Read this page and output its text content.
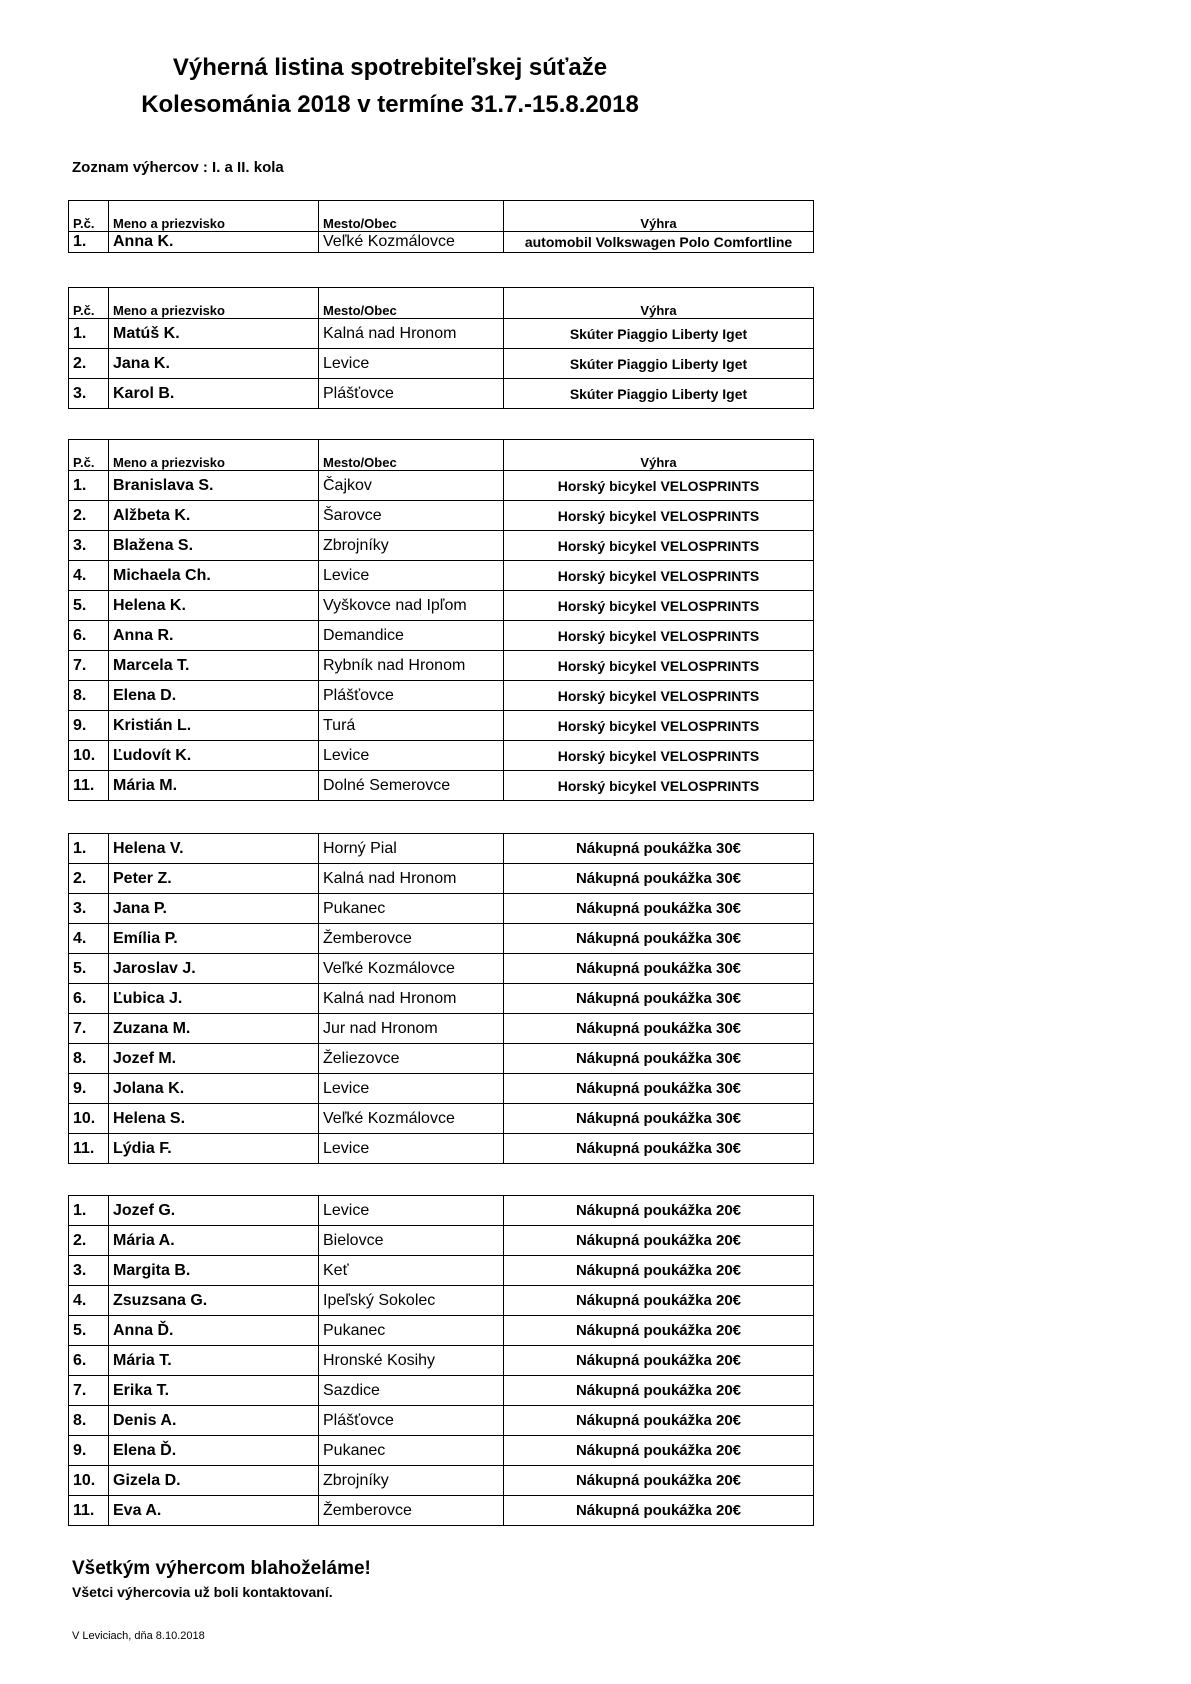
Výherná listina spotrebiteľskej súťaže
Kolesománia 2018 v termíne 31.7.-15.8.2018
Zoznam výhercov : I. a II. kola
P.č.	Meno a priezvisko	Mesto/Obec	Výhra
1.	Anna K.	Veľké Kozmálovce	automobil Volkswagen Polo Comfortline
P.č.	Meno a priezvisko	Mesto/Obec	Výhra
1.	Matúš K.	Kalná nad Hronom	Skúter Piaggio Liberty Iget
2.	Jana K.	Levice	Skúter Piaggio Liberty Iget
3.	Karol B.	Plášťovce	Skúter Piaggio Liberty Iget
P.č.	Meno a priezvisko	Mesto/Obec	Výhra
1.	Branislava S.	Čajkov	Horský bicykel VELOSPRINTS
2.	Alžbeta K.	Šarovce	Horský bicykel VELOSPRINTS
3.	Blažena S.	Zbrojníky	Horský bicykel VELOSPRINTS
4.	Michaela Ch.	Levice	Horský bicykel VELOSPRINTS
5.	Helena K.	Vyškovce nad Ipľom	Horský bicykel VELOSPRINTS
6.	Anna R.	Demandice	Horský bicykel VELOSPRINTS
7.	Marcela T.	Rybník nad Hronom	Horský bicykel VELOSPRINTS
8.	Elena D.	Plášťovce	Horský bicykel VELOSPRINTS
9.	Kristián L.	Turá	Horský bicykel VELOSPRINTS
10.	Ľudovít K.	Levice	Horský bicykel VELOSPRINTS
11.	Mária M.	Dolné Semerovce	Horský bicykel VELOSPRINTS
1.	Helena V.	Horný Pial	Nákupná poukážka 30€
2.	Peter Z.	Kalná nad Hronom	Nákupná poukážka 30€
3.	Jana P.	Pukanec	Nákupná poukážka 30€
4.	Emília P.	Žemberovce	Nákupná poukážka 30€
5.	Jaroslav J.	Veľké Kozmálovce	Nákupná poukážka 30€
6.	Ľubica J.	Kalná nad Hronom	Nákupná poukážka 30€
7.	Zuzana M.	Jur nad Hronom	Nákupná poukážka 30€
8.	Jozef M.	Želiezovce	Nákupná poukážka 30€
9.	Jolana K.	Levice	Nákupná poukážka 30€
10.	Helena S.	Veľké Kozmálovce	Nákupná poukážka 30€
11.	Lýdia F.	Levice	Nákupná poukážka 30€
1.	Jozef G.	Levice	Nákupná poukážka 20€
2.	Mária A.	Bielovce	Nákupná poukážka 20€
3.	Margita B.	Keť	Nákupná poukážka 20€
4.	Zsuzsana G.	Ipeľský Sokolec	Nákupná poukážka 20€
5.	Anna Ď.	Pukanec	Nákupná poukážka 20€
6.	Mária T.	Hronské Kosihy	Nákupná poukážka 20€
7.	Erika T.	Sazdice	Nákupná poukážka 20€
8.	Denis A.	Plášťovce	Nákupná poukážka 20€
9.	Elena Ď.	Pukanec	Nákupná poukážka 20€
10.	Gizela D.	Zbrojníky	Nákupná poukážka 20€
11.	Eva A.	Žemberovce	Nákupná poukážka 20€
Všetkým výhercom blahoželáme!
Všetci výhercovia už boli kontaktovaní.
V Leviciach, dňa 8.10.2018
